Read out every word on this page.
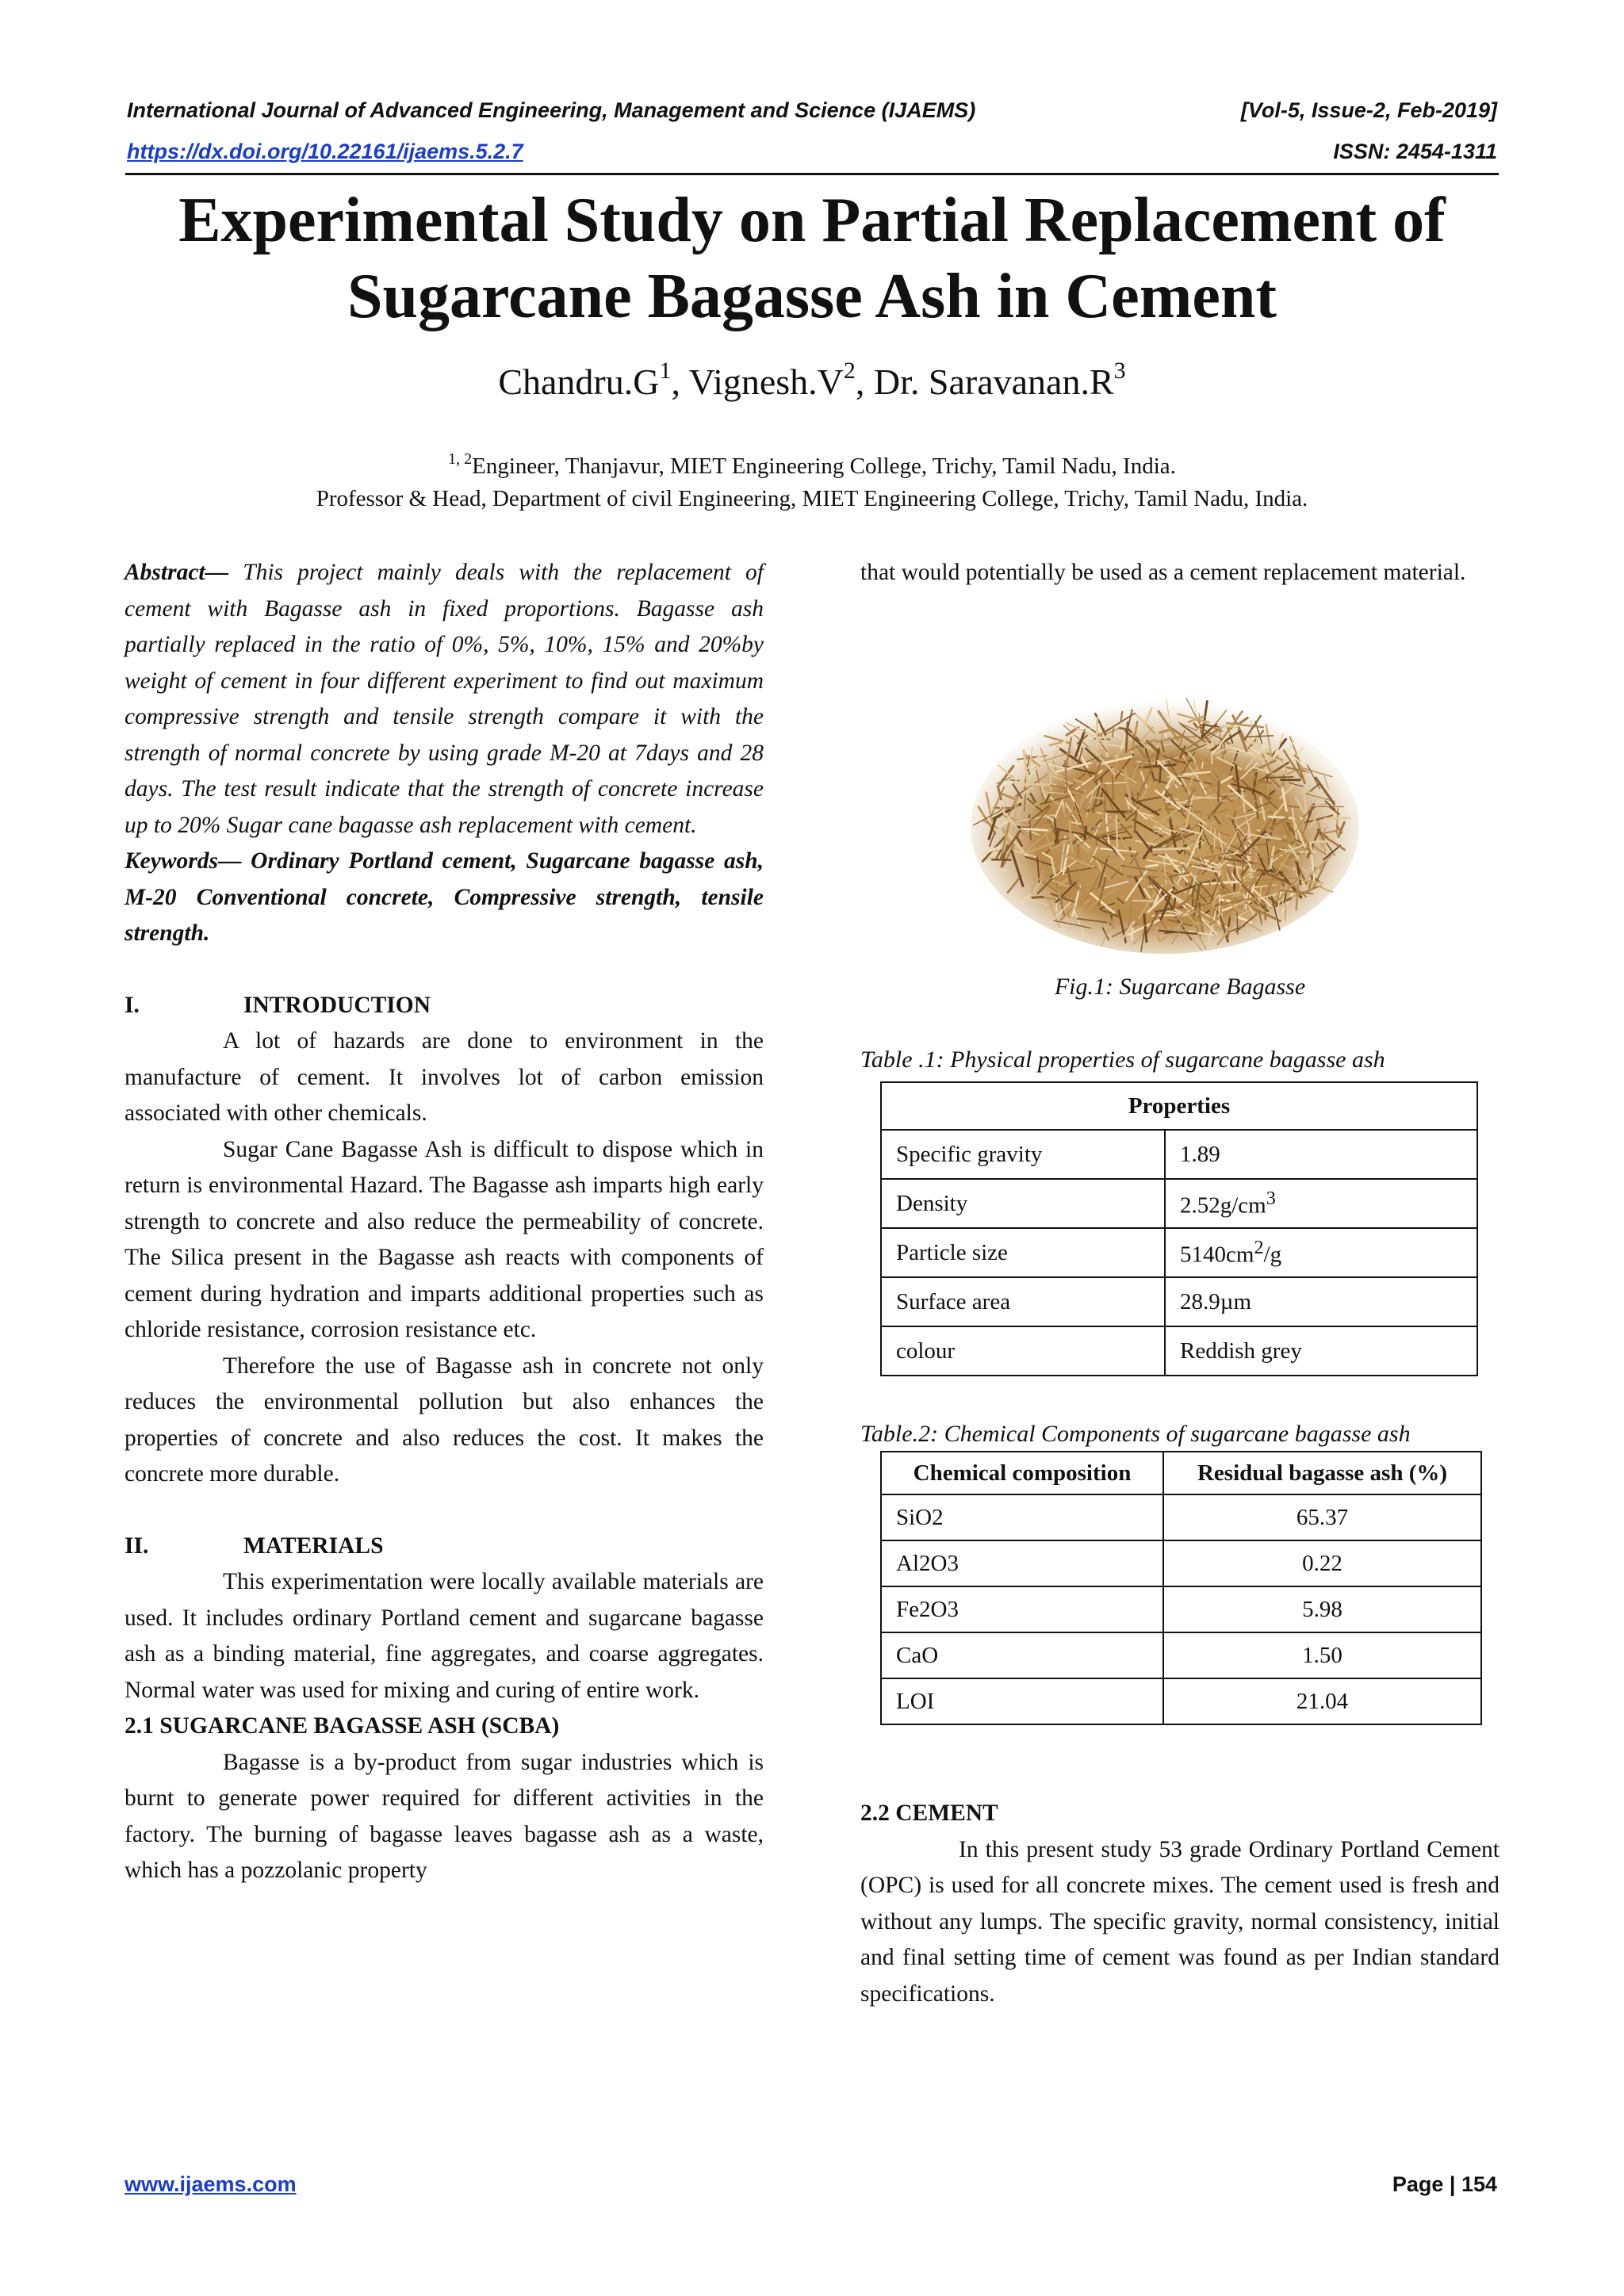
International Journal of Advanced Engineering, Management and Science (IJAEMS)	[Vol-5, Issue-2, Feb-2019]
https://dx.doi.org/10.22161/ijaems.5.2.7	ISSN: 2454-1311
Experimental Study on Partial Replacement of
Sugarcane Bagasse Ash in Cement
$Chandru.G^1$, $Vignesh.V^2$, Dr. $Saravanan.R^3$
$^{1, 2}$Engineer, Thanjavur, MIET Engineering College, Trichy, Tamil Nadu, India.
Professor & Head, Department of civil Engineering, MIET Engineering College, Trichy, Tamil Nadu, India.

Abstract— This project mainly deals with the replacement of cement with Bagasse ash in fixed proportions. Bagasse ash partially replaced in the ratio of 0%, 5%, 10%, 15% and 20%by weight of cement in four different experiment to find out maximum compressive strength and tensile strength compare it with the strength of normal concrete by using grade M-20 at 7days and 28 days. The test result indicate that the strength of concrete increase up to 20% Sugar cane bagasse ash replacement with cement.

Keywords— Ordinary Portland cement, Sugarcane bagasse ash, M-20 Conventional concrete, Compressive strength, tensile strength.

I.	INTRODUCTION

A lot of hazards are done to environment in the manufacture of cement. It involves lot of carbon emission associated with other chemicals.

Sugar Cane Bagasse Ash is difficult to dispose which in return is environmental Hazard. The Bagasse ash imparts high early strength to concrete and also reduce the permeability of concrete. The Silica present in the Bagasse ash reacts with components of cement during hydration and imparts additional properties such as chloride resistance, corrosion resistance etc.

Therefore the use of Bagasse ash in concrete not only reduces the environmental pollution but also enhances the properties of concrete and also reduces the cost. It makes the concrete more durable.

II.	MATERIALS

This experimentation were locally available materials are used. It includes ordinary Portland cement and sugarcane bagasse ash as a binding material, fine aggregates, and coarse aggregates. Normal water was used for mixing and curing of entire work.

2.1 SUGARCANE BAGASSE ASH (SCBA)

Bagasse is a by-product from sugar industries which is burnt to generate power required for different activities in the factory. The burning of bagasse leaves bagasse ash as a waste, which has a pozzolanic property

that would potentially be used as a cement replacement material.

Fig.1: Sugarcane Bagasse
Table .1: Physical properties of sugarcane bagasse ash
Properties	
Specific gravity	1.89
Density	$2.52g/cm^3$
Particle size	$5140cm^2/g$
Surface area	28.9µm
colour	Reddish grey
Table.2: Chemical Components of sugarcane bagasse ash
Chemical composition	Residual bagasse ash (%)
SiO2	65.37
Al2O3	0.22
Fe2O3	5.98
CaO	1.50
LOI	21.04

2.2 CEMENT

In this present study 53 grade Ordinary Portland Cement (OPC) is used for all concrete mixes. The cement used is fresh and without any lumps. The specific gravity, normal consistency, initial and final setting time of cement was found as per Indian standard specifications.

www.ijaems.com	Page | 154
